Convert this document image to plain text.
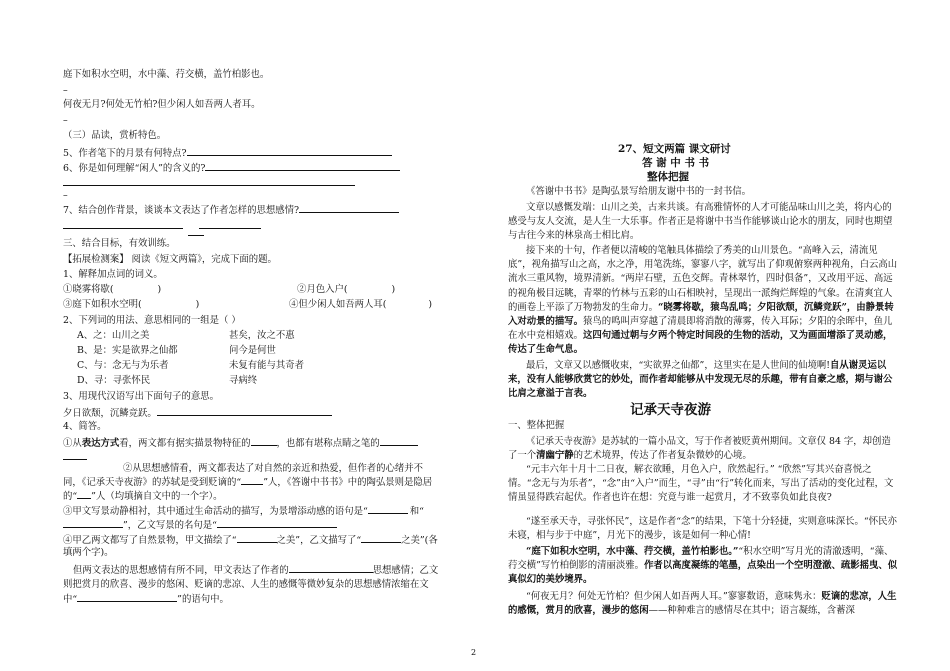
庭下如积水空明，水中藻、荇交横，盖竹柏影也。
–
何夜无月?何处无竹柏?但少闲人如吾两人者耳。
–
（三）品读，赏析特色。
5、作者笔下的月景有何特点?
6、你是如何理解“闲人”的含义的?
–
7、结合创作背景，谈谈本文表达了作者怎样的思想感情?
三、结合目标，有效训练。
【拓展检测案】 阅读《短文两篇》，完成下面的题。
1、解释加点词的词义。
①晓雾将歇(	)	②月色入户(	)
③庭下如积水空明(	)	④但少闲人如吾两人耳(	)
2、下列词的用法、意思相同的一组是（ ）
A、之：山川之美	甚矣，汝之不惠
B、是：实是欲界之仙都	问今是何世
C、与：念无与为乐者	未复有能与其奇者
D、寻：寻张怀民	寻病终
3、用现代汉语写出下面句子的意思。
夕日欲颓，沉鳞竞跃。
4、简答。
①从表达方式看，两文都有据实描景物特征的	，也都有堪称点睛之笔的
②从思想感情看，两文都表达了对自然的亲近和热爱，但作者的心绪并不同，《记承天寺夜游》的苏轼是受到贬谪的“ ”人，《答谢中书书》中的陶弘景则是隐居的“ ”人（均填摘自文中的一个字）。
③甲文写景动静相衬，其中通过生命活动的描写，为景增添动感的语句是“	和“”，乙文写景的名句是“
④甲乙两文都写了自然景物，甲文描绘了“	之美”，乙文描写了“	之美”(各填两个字)。
但两文表达的思想感情有所不同，甲文表达了作者的	思想感情；乙文则把赏月的欣喜、漫步的悠闲、贬谪的悲凉、人生的感慨等微妙复杂的思想感情浓缩在文中“	”的语句中。
27、短文两篇 课文研讨
答 谢 中 书 书
整体把握
《答谢中书书》是陶弘景写给朋友谢中书的一封书信。
文章以感慨发端：山川之美，古来共谈。有高雅情怀的人才可能品味山川之美，将内心的感受与友人交流，是人生一大乐事。作者正是将谢中书当作能够谈山论水的朋友，同时也期望与古往今来的林泉高士相比肩。
接下来的十句，作者便以清峻的笔触具体描绘了秀美的山川景色。“高峰入云，清流见底”，视角描写山之高，水之净，用笔洗练，寥寥八字，就写出了仰观俯察两种视角，白云高山流水三重风物，境界清新。“两岸石壁，五色交辉。青林翠竹，四时俱备”，又改用平远、高远的视角极目远眺，青翠的竹林与五彩的山石相映衬，呈现出一派绚烂辉煌的气象。在清爽宜人的画卷上平添了万物勃发的生命力。“晓雾将歇，猿鸟乱鸣；夕阳欲颓，沉鳞竞跃”，由静景转入对动景的描写。猿鸟的鸣叫声穿越了清晨即将消散的薄雾，传入耳际；夕阳的余晖中，鱼儿在水中竞相嬉戏。这四句通过朝与夕两个特定时间段的生物的活动，又为画面增添了灵动感，传达了生命气息。
最后，文章又以感慨收束，“实欲界之仙都”，这里实在是人世间的仙境啊!自从谢灵运以来，没有人能够欣赏它的妙处，而作者却能够从中发现无尽的乐趣，带有自豪之感，期与谢公比肩之意溢于言表。
记承天寺夜游
一、整体把握
《记承天寺夜游》是苏轼的一篇小品文，写于作者被贬黄州期间。文章仅 84 字，却创造了一个清幽宁静的艺术境界，传达了作者复杂微妙的心境。
“元丰六年十月十二日夜，解衣欲睡，月色入户，欣然起行。” “欣然”写其兴奋喜悦之情。“念无与为乐者”，“念”由“入户”而生，“寻”由“行”转化而来，写出了活动的变化过程，文情虽显得跌宕起伏。作者也许在想：究竟与谁一起赏月，才不致辜负如此良夜?
“遂至承天寺，寻张怀民”，这是作者“念”的结果，下笔十分轻捷，实则意味深长。“怀民亦未寝，相与步于中庭”，月光下的漫步，该是如何一种心情!
“庭下如积水空明，水中藻、荇交横，盖竹柏影也。”“积水空明”写月光的清澈透明，“藻、荇交横”写竹柏倒影的清丽淡雅。作者以高度凝练的笔墨，点染出一个空明澄澈、疏影摇曳、似真似幻的美妙境界。
“何夜无月？何处无竹柏？但少闲人如吾两人耳。”寥寥数语，意味隽永：贬谪的悲凉，人生的感慨，赏月的欣喜，漫步的悠闲——种种难言的感情尽在其中；语言凝练，含蓄深
2
